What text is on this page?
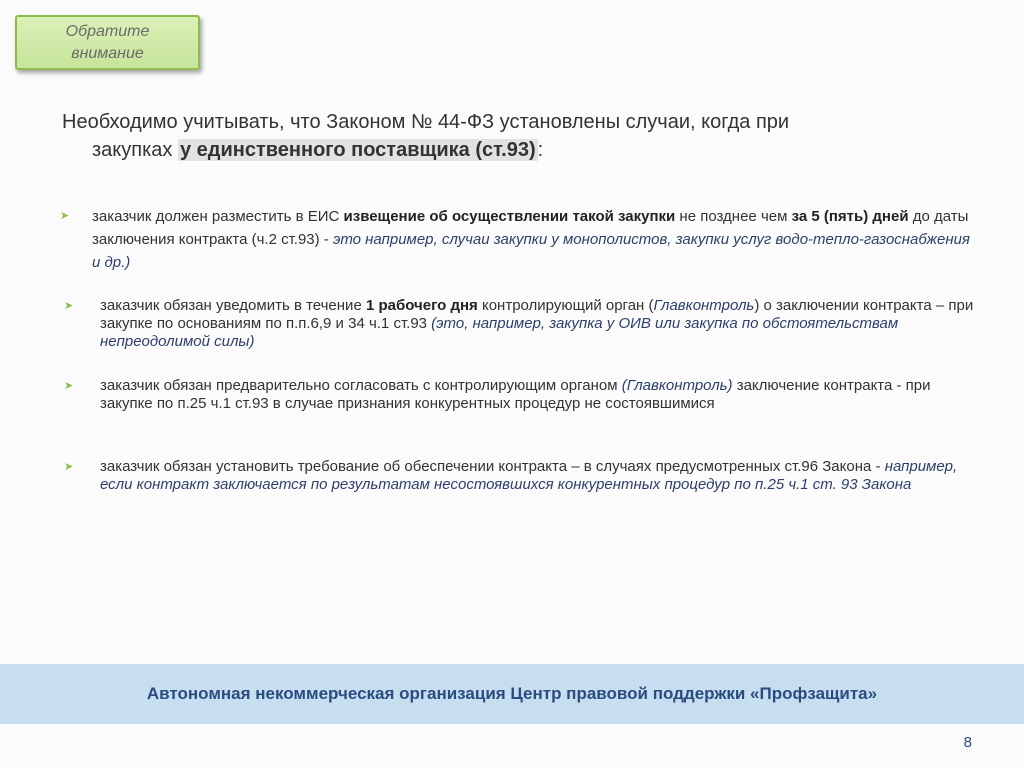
Обратите
внимание
Необходимо учитывать, что Законом № 44-ФЗ установлены случаи, когда при
закупках у единственного поставщика (ст.93) :
➤ заказчик должен разместить в ЕИС извещение об осуществлении такой закупки не позднее чем за 5 (пять) дней до даты заключения контракта (ч.2 ст.93) - это например, случаи закупки у монополистов, закупки услуг водо-тепло-газоснабжения и др.)
➤ заказчик обязан уведомить в течение 1 рабочего дня контролирующий орган (Главконтроль) о заключении контракта – при закупке по основаниям по п.п.6,9 и 34 ч.1 ст.93 (это, например, закупка у ОИВ или закупка по обстоятельствам непреодолимой силы)
➤ заказчик обязан предварительно согласовать с контролирующим органом (Главконтроль) заключение контракта - при закупке по п.25 ч.1 ст.93 в случае признания конкурентных процедур не состоявшимися
➤ заказчик обязан установить требование об обеспечении контракта – в случаях предусмотренных ст.96 Закона - например, если контракт заключается по результатам несостоявшихся конкурентных процедур по п.25 ч.1 ст. 93 Закона
Автономная некоммерческая организация Центр правовой поддержки «Профзащита»
8
